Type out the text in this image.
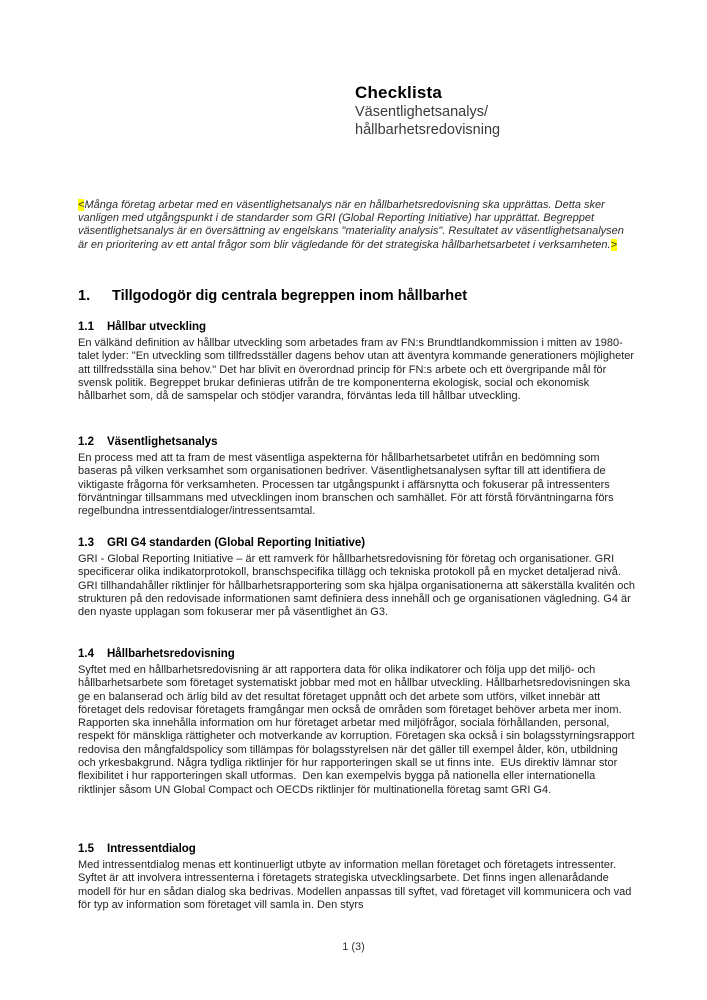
Checklista
Väsentlighetsanalys/
hållbarhetsredovisning

<Många företag arbetar med en väsentlighetsanalys när en hållbarhetsredovisning ska upprättas. Detta sker vanligen med utgångspunkt i de standarder som GRI (Global Reporting Initiative) har upprättat. Begreppet väsentlighetsanalys är en översättning av engelskans "materiality analysis". Resultatet av väsentlighetsanalysen är en prioritering av ett antal frågor som blir vägledande för det strategiska hållbarhetsarbetet i verksamheten.>

1.	Tillgodogör dig centrala begreppen inom hållbarhet
1.1	Hållbar utveckling

En välkänd definition av hållbar utveckling som arbetades fram av FN:s Brundtlandkommission i mitten av 1980-talet lyder: "En utveckling som tillfredsställer dagens behov utan att äventyra kommande generationers möjligheter att tillfredsställa sina behov." Det har blivit en överordnad princip för FN:s arbete och ett övergripande mål för svensk politik. Begreppet brukar definieras utifrån de tre komponenterna ekologisk, social och ekonomisk hållbarhet som, då de samspelar och stödjer varandra, förväntas leda till hållbar utveckling.

1.2	Väsentlighetsanalys

En process med att ta fram de mest väsentliga aspekterna för hållbarhetsarbetet utifrån en bedömning som baseras på vilken verksamhet som organisationen bedriver. Väsentlighetsanalysen syftar till att identifiera de viktigaste frågorna för verksamheten. Processen tar utgångspunkt i affärsnytta och fokuserar på intressenters förväntningar tillsammans med utvecklingen inom branschen och samhället. För att förstå förväntningarna förs regelbundna intressentdialoger/intressentsamtal.

1.3	GRI G4 standarden (Global Reporting Initiative)

GRI - Global Reporting Initiative – är ett ramverk för hållbarhetsredovisning för företag och organisationer. GRI specificerar olika indikatorprotokoll, branschspecifika tillägg och tekniska protokoll på en mycket detaljerad nivå. GRI tillhandahåller riktlinjer för hållbarhetsrapportering som ska hjälpa organisationerna att säkerställa kvalitén och strukturen på den redovisade informationen samt definiera dess innehåll och ge organisationen vägledning. G4 är den nyaste upplagan som fokuserar mer på väsentlighet än G3.

1.4	Hållbarhetsredovisning

Syftet med en hållbarhetsredovisning är att rapportera data för olika indikatorer och följa upp det miljö- och hållbarhetsarbete som företaget systematiskt jobbar med mot en hållbar utveckling. Hållbarhetsredovisningen ska ge en balanserad och ärlig bild av det resultat företaget uppnått och det arbete som utförs, vilket innebär att företaget dels redovisar företagets framgångar men också de områden som företaget behöver arbeta mer inom. Rapporten ska innehålla information om hur företaget arbetar med miljöfrågor, sociala förhållanden, personal, respekt för mänskliga rättigheter och motverkande av korruption. Företagen ska också i sin bolagsstyrningsrapport redovisa den mångfaldspolicy som tillämpas för bolagsstyrelsen när det gäller till exempel ålder, kön, utbildning och yrkesbakgrund. Några tydliga riktlinjer för hur rapporteringen skall se ut finns inte.  EUs direktiv lämnar stor flexibilitet i hur rapporteringen skall utformas.  Den kan exempelvis bygga på nationella eller internationella riktlinjer såsom UN Global Compact och OECDs riktlinjer för multinationella företag samt GRI G4.

1.5	Intressentdialog

Med intressentdialog menas ett kontinuerligt utbyte av information mellan företaget och företagets intressenter. Syftet är att involvera intressenterna i företagets strategiska utvecklingsarbete. Det finns ingen allenarådande modell för hur en sådan dialog ska bedrivas. Modellen anpassas till syftet, vad företaget vill kommunicera och vad för typ av information som företaget vill samla in. Den styrs

1 (3)
